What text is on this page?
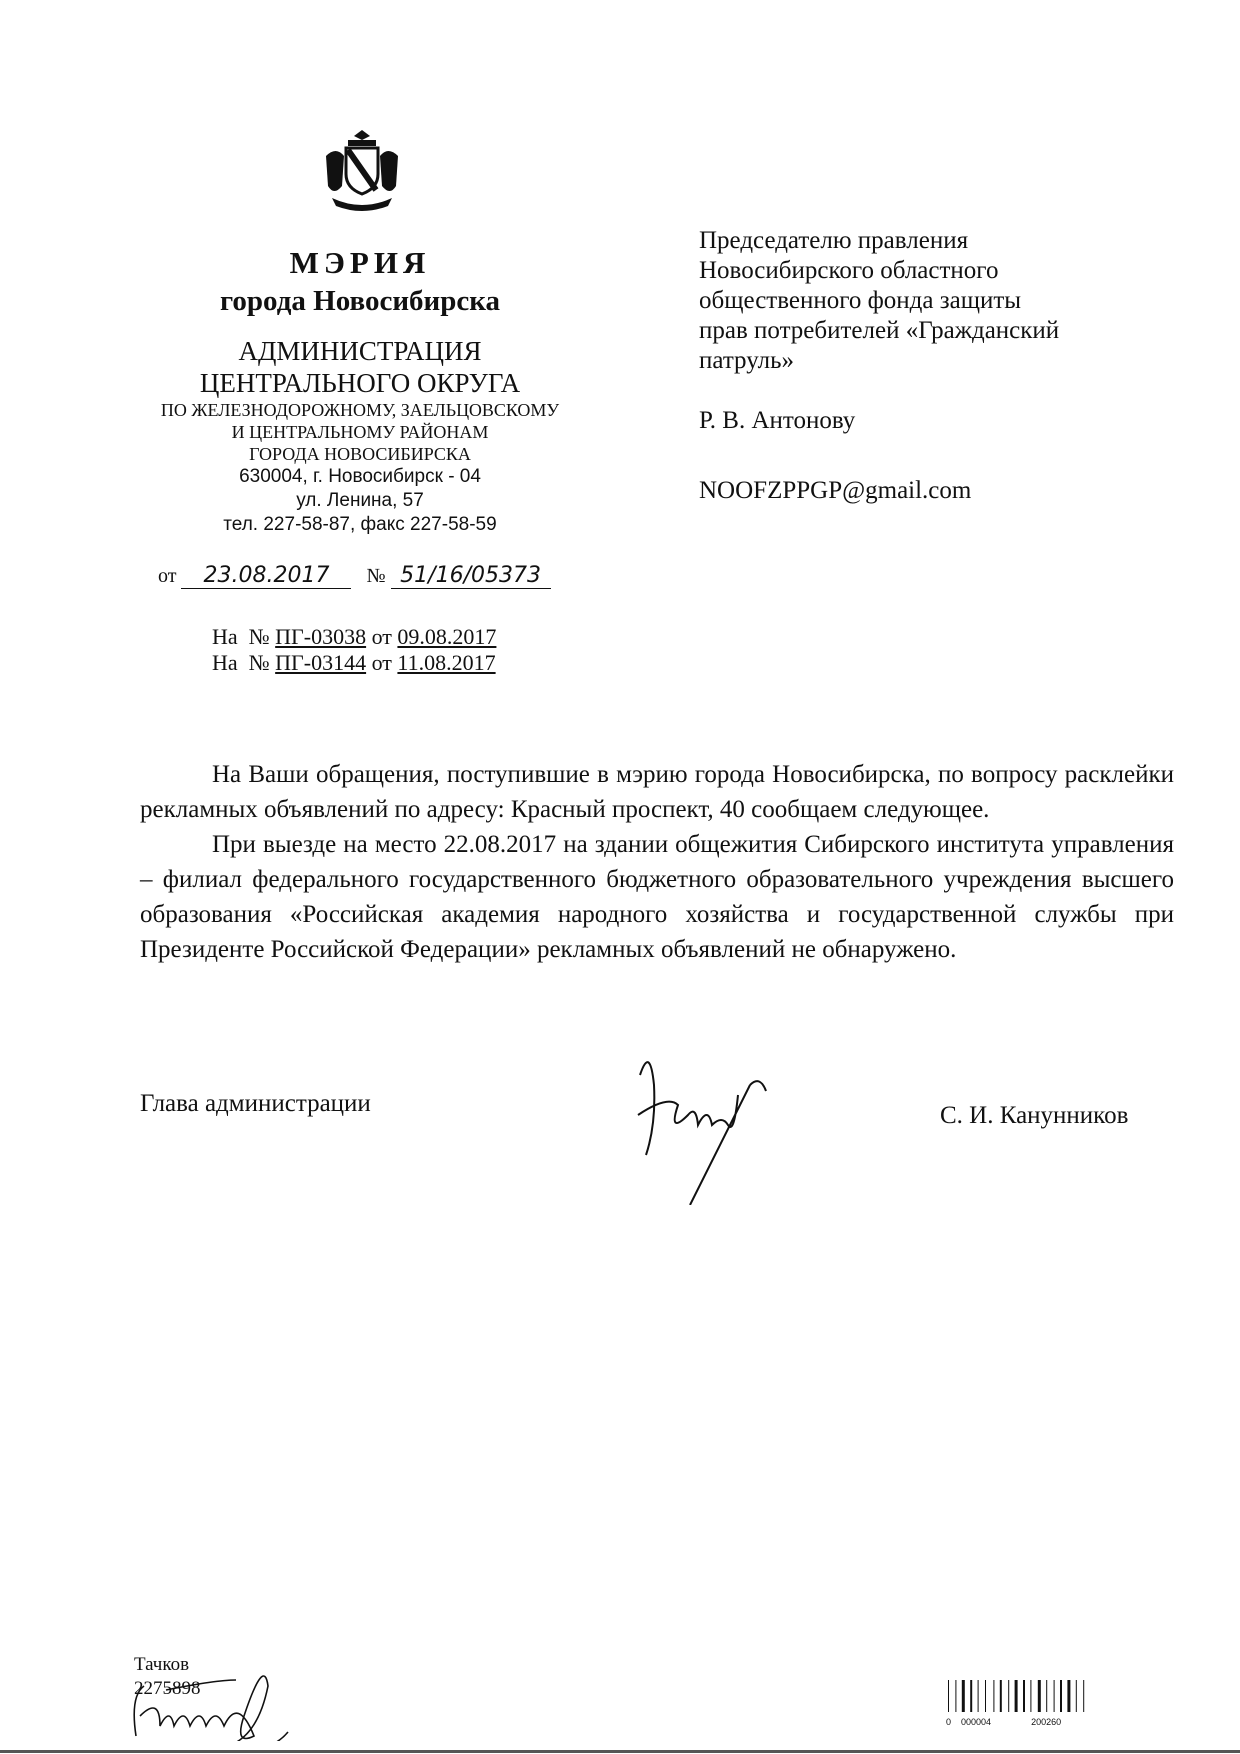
МЭРИЯ
города Новосибирска
АДМИНИСТРАЦИЯ
ЦЕНТРАЛЬНОГО ОКРУГА
ПО ЖЕЛЕЗНОДОРОЖНОМУ, ЗАЕЛЬЦОВСКОМУ
И ЦЕНТРАЛЬНОМУ РАЙОНАМ
ГОРОДА НОВОСИБИРСКА
630004, г. Новосибирск - 04
ул. Ленина, 57
тел. 227-58-87, факс 227-58-59
от 23.08.2017 № 51/16/05373
На № ПГ-03038 от 09.08.2017
На № ПГ-03144 от 11.08.2017
Председателю правления
Новосибирского областного
общественного фонда защиты
прав потребителей «Гражданский
патруль»
Р. В. Антонову
NOOFZPPGP@gmail.com

На Ваши обращения, поступившие в мэрию города Новосибирска, по вопросу расклейки рекламных объявлений по адресу: Красный проспект, 40 сообщаем следующее.

При выезде на место 22.08.2017 на здании общежития Сибирского института управления – филиал федерального государственного бюджетного образовательного учреждения высшего образования «Российская академия народного хозяйства и государственной службы при Президенте Российской Федерации» рекламных объявлений не обнаружено.

Глава администрации	С. И. Канунников
Тачков
2275898
0 000004	200260
